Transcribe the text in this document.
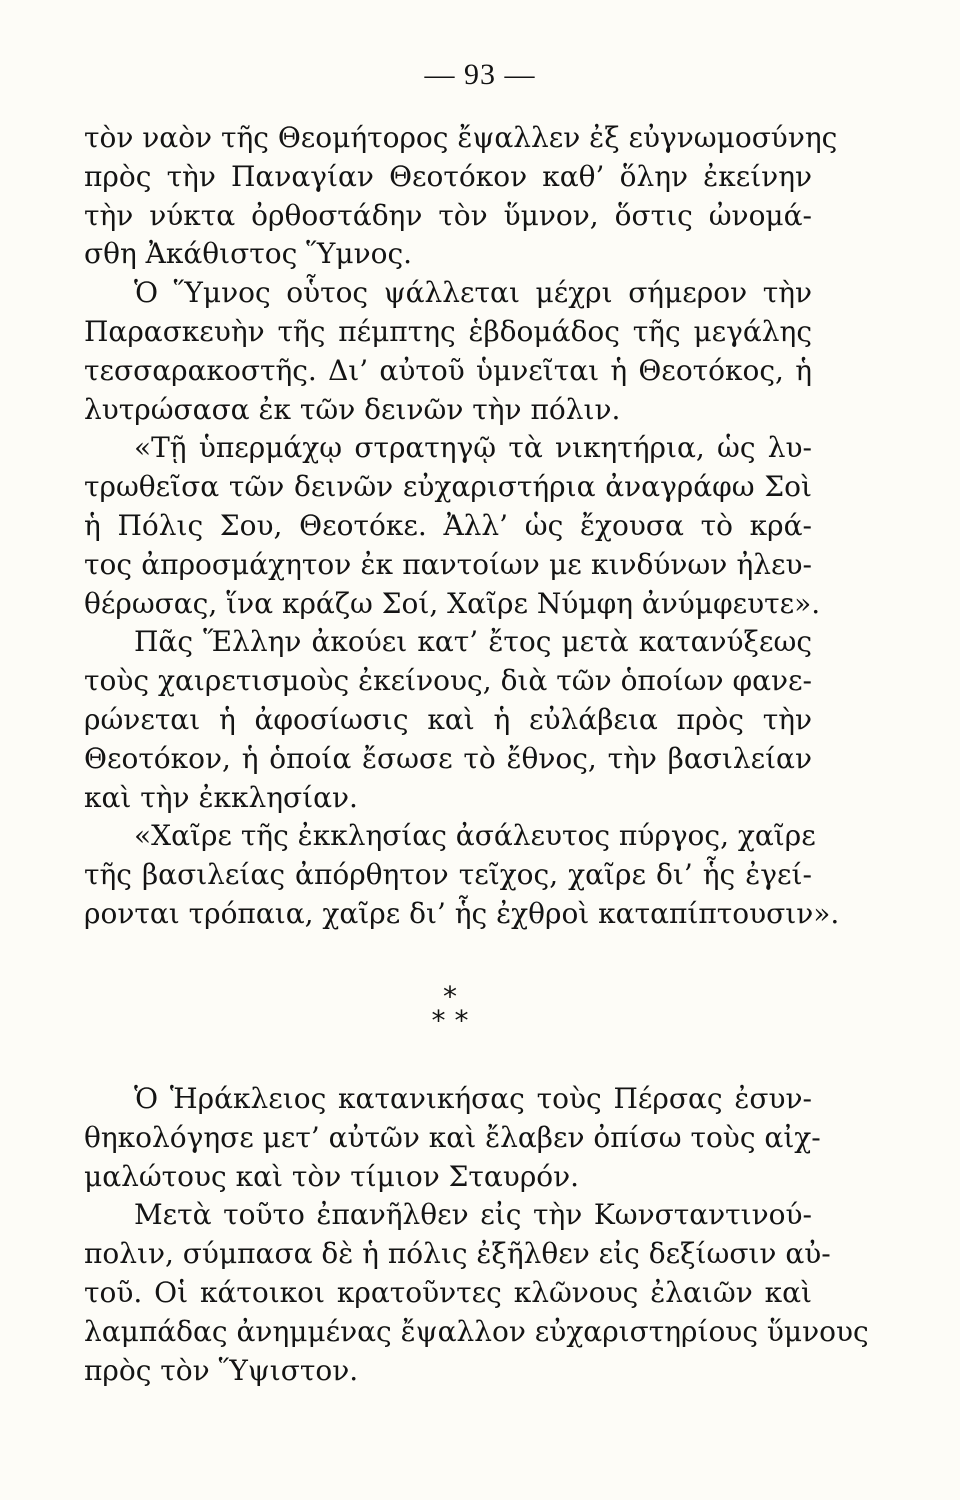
— 93 —
τὸν ναὸν τῆς Θεομήτορος ἔψαλλεν ἐξ εὐγνωμοσύνης
πρὸς τὴν Παναγίαν Θεοτόκον καθ’ ὅλην ἐκείνην
τὴν νύκτα ὀρθοστάδην τὸν ὕμνον, ὅστις ὠνομά-
σθη Ἀκάθιστος Ὕμνος.
Ὁ Ὕμνος οὗτος ψάλλεται μέχρι σήμερον τὴν
Παρασκευὴν τῆς πέμπτης ἑβδομάδος τῆς μεγάλης
τεσσαρακοστῆς. Δι’ αὐτοῦ ὑμνεῖται ἡ Θεοτόκος, ἡ
λυτρώσασα ἐκ τῶν δεινῶν τὴν πόλιν.
«Τῇ ὑπερμάχῳ στρατηγῷ τὰ νικητήρια, ὡς λυ-
τρωθεῖσα τῶν δεινῶν εὐχαριστήρια ἀναγράφω Σοὶ
ἡ Πόλις Σου, Θεοτόκε. Ἀλλ’ ὡς ἔχουσα τὸ κρά-
τος ἀπροσμάχητον ἐκ παντοίων με κινδύνων ἠλευ-
θέρωσας, ἵνα κράζω Σοί, Χαῖρε Νύμφη ἀνύμφευτε».
Πᾶς Ἕλλην ἀκούει κατ’ ἔτος μετὰ κατανύξεως
τοὺς χαιρετισμοὺς ἐκείνους, διὰ τῶν ὁποίων φανε-
ρώνεται ἡ ἀφοσίωσις καὶ ἡ εὐλάβεια πρὸς τὴν
Θεοτόκον, ἡ ὁποία ἔσωσε τὸ ἔθνος, τὴν βασιλείαν
καὶ τὴν ἐκκλησίαν.
«Χαῖρε τῆς ἐκκλησίας ἀσάλευτος πύργος, χαῖρε
τῆς βασιλείας ἀπόρθητον τεῖχος, χαῖρε δι’ ἧς ἐγεί-
ρονται τρόπαια, χαῖρε δι’ ἧς ἐχθροὶ καταπίπτουσιν».
*
* *
Ὁ Ἡράκλειος κατανικήσας τοὺς Πέρσας ἐσυν-
θηκολόγησε μετ’ αὐτῶν καὶ ἔλαβεν ὀπίσω τοὺς αἰχ-
μαλώτους καὶ τὸν τίμιον Σταυρόν.
Μετὰ τοῦτο ἐπανῆλθεν εἰς τὴν Κωνσταντινού-
πολιν, σύμπασα δὲ ἡ πόλις ἐξῆλθεν εἰς δεξίωσιν αὐ-
τοῦ. Οἱ κάτοικοι κρατοῦντες κλῶνους ἐλαιῶν καὶ
λαμπάδας ἀνημμένας ἔψαλλον εὐχαριστηρίους ὕμνους
πρὸς τὸν Ὕψιστον.
